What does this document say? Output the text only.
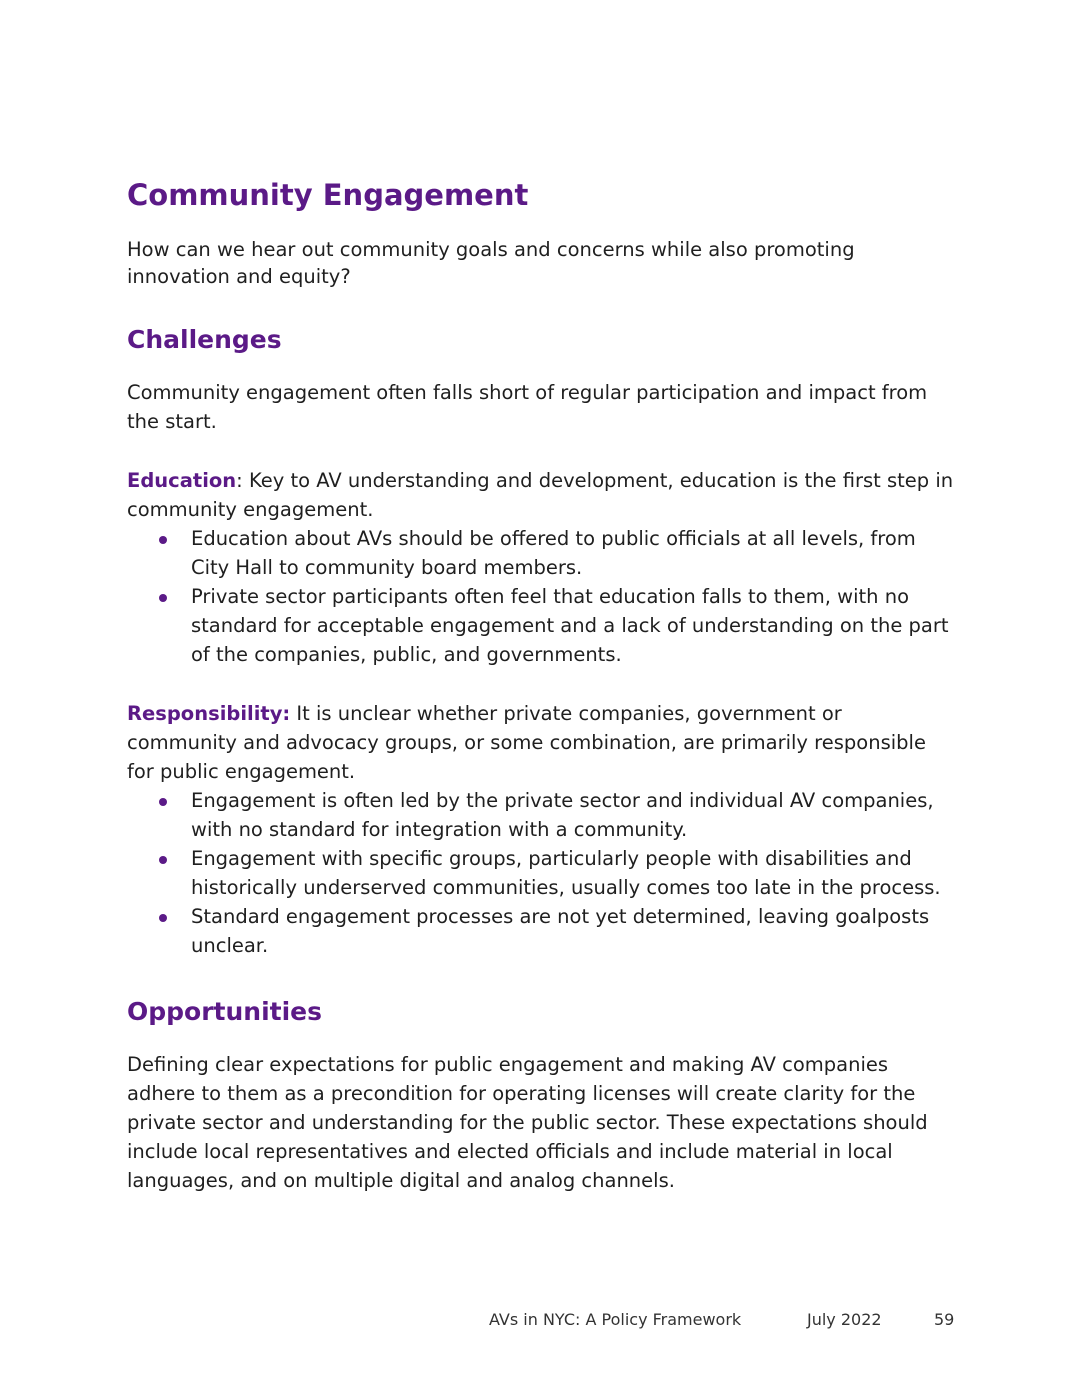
Community Engagement

How can we hear out community goals and concerns while also promoting innovation and equity?

Challenges

Community engagement often falls short of regular participation and impact from the start.

Education: Key to AV understanding and development, education is the first step in community engagement.

Education about AVs should be offered to public officials at all levels, from City Hall to community board members.
Private sector participants often feel that education falls to them, with no standard for acceptable engagement and a lack of understanding on the part of the companies, public, and governments.

Responsibility: It is unclear whether private companies, government or community and advocacy groups, or some combination, are primarily responsible for public engagement.

Engagement is often led by the private sector and individual AV companies, with no standard for integration with a community.
Engagement with specific groups, particularly people with disabilities and historically underserved communities, usually comes too late in the process.
Standard engagement processes are not yet determined, leaving goalposts unclear.
Opportunities

Defining clear expectations for public engagement and making AV companies adhere to them as a precondition for operating licenses will create clarity for the private sector and understanding for the public sector. These expectations should include local representatives and elected officials and include material in local languages, and on multiple digital and analog channels.

AVs in NYC: A Policy Framework	July 2022	59
